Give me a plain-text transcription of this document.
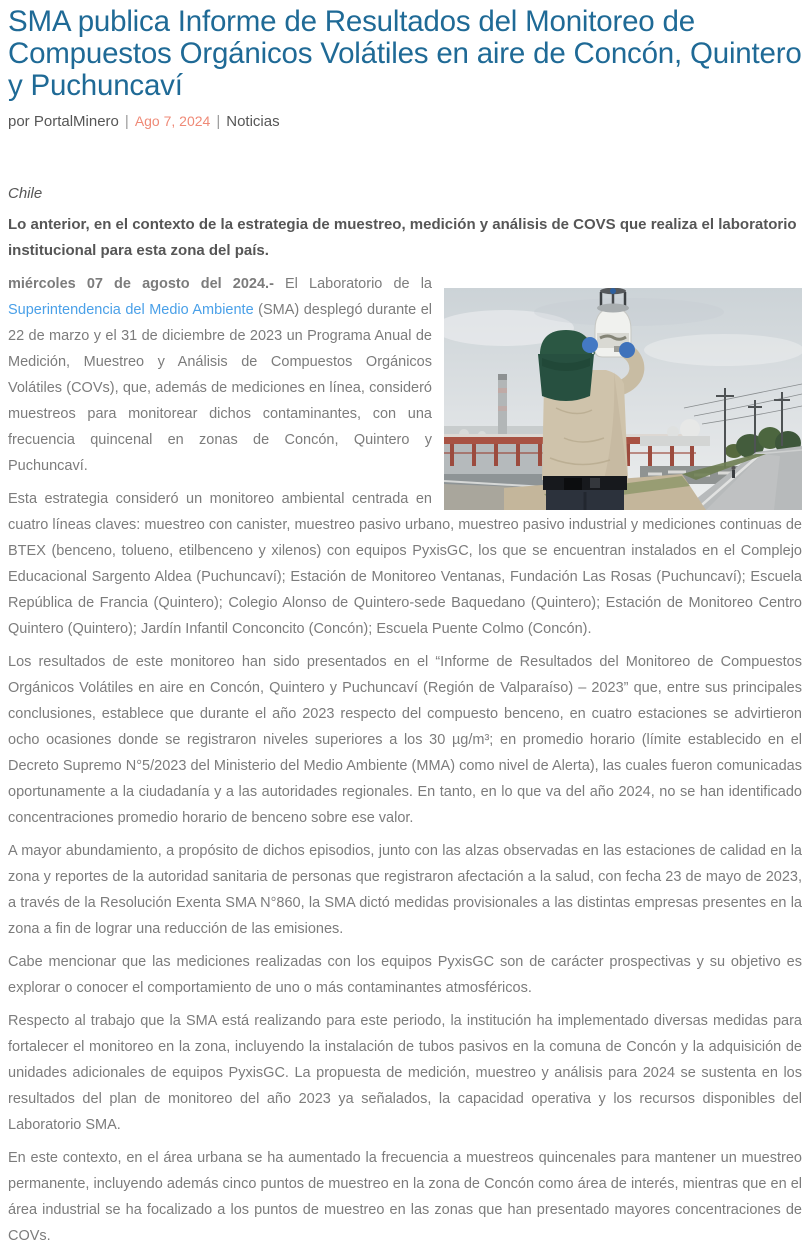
SMA publica Informe de Resultados del Monitoreo de Compuestos Orgánicos Volátiles en aire de Concón, Quintero y Puchuncaví
por PortalMinero | Ago 7, 2024 | Noticias

Chile

Lo anterior, en el contexto de la estrategia de muestreo, medición y análisis de COVS que realiza el laboratorio institucional para esta zona del país.

miércoles 07 de agosto del 2024.- El Laboratorio de la Superintendencia del Medio Ambiente (SMA) desplegó durante el 22 de marzo y el 31 de diciembre de 2023 un Programa Anual de Medición, Muestreo y Análisis de Compuestos Orgánicos Volátiles (COVs), que, además de mediciones en línea, consideró muestreos para monitorear dichos contaminantes, con una frecuencia quincenal en zonas de Concón, Quintero y Puchuncaví.

Esta estrategia consideró un monitoreo ambiental centrada en cuatro líneas claves: muestreo con canister, muestreo pasivo urbano, muestreo pasivo industrial y mediciones continuas de BTEX (benceno, tolueno, etilbenceno y xilenos) con equipos PyxisGC, los que se encuentran instalados en el Complejo Educacional Sargento Aldea (Puchuncaví); Estación de Monitoreo Ventanas, Fundación Las Rosas (Puchuncaví); Escuela República de Francia (Quintero); Colegio Alonso de Quintero-sede Baquedano (Quintero); Estación de Monitoreo Centro Quintero (Quintero); Jardín Infantil Conconcito (Concón); Escuela Puente Colmo (Concón).

Los resultados de este monitoreo han sido presentados en el “Informe de Resultados del Monitoreo de Compuestos Orgánicos Volátiles en aire en Concón, Quintero y Puchuncaví (Región de Valparaíso) – 2023” que, entre sus principales conclusiones, establece que durante el año 2023 respecto del compuesto benceno, en cuatro estaciones se advirtieron ocho ocasiones donde se registraron niveles superiores a los 30 µg/m³; en promedio horario (límite establecido en el Decreto Supremo N°5/2023 del Ministerio del Medio Ambiente (MMA) como nivel de Alerta), las cuales fueron comunicadas oportunamente a la ciudadanía y a las autoridades regionales. En tanto, en lo que va del año 2024, no se han identificado concentraciones promedio horario de benceno sobre ese valor.

A mayor abundamiento, a propósito de dichos episodios, junto con las alzas observadas en las estaciones de calidad en la zona y reportes de la autoridad sanitaria de personas que registraron afectación a la salud, con fecha 23 de mayo de 2023, a través de la Resolución Exenta SMA N°860, la SMA dictó medidas provisionales a las distintas empresas presentes en la zona a fin de lograr una reducción de las emisiones.

Cabe mencionar que las mediciones realizadas con los equipos PyxisGC son de carácter prospectivas y su objetivo es explorar o conocer el comportamiento de uno o más contaminantes atmosféricos.

Respecto al trabajo que la SMA está realizando para este periodo, la institución ha implementado diversas medidas para fortalecer el monitoreo en la zona, incluyendo la instalación de tubos pasivos en la comuna de Concón y la adquisición de unidades adicionales de equipos PyxisGC. La propuesta de medición, muestreo y análisis para 2024 se sustenta en los resultados del plan de monitoreo del año 2023 ya señalados, la capacidad operativa y los recursos disponibles del Laboratorio SMA.

En este contexto, en el área urbana se ha aumentado la frecuencia a muestreos quincenales para mantener un muestreo permanente, incluyendo además cinco puntos de muestreo en la zona de Concón como área de interés, mientras que en el área industrial se ha focalizado a los puntos de muestreo en las zonas que han presentado mayores concentraciones de COVs.
